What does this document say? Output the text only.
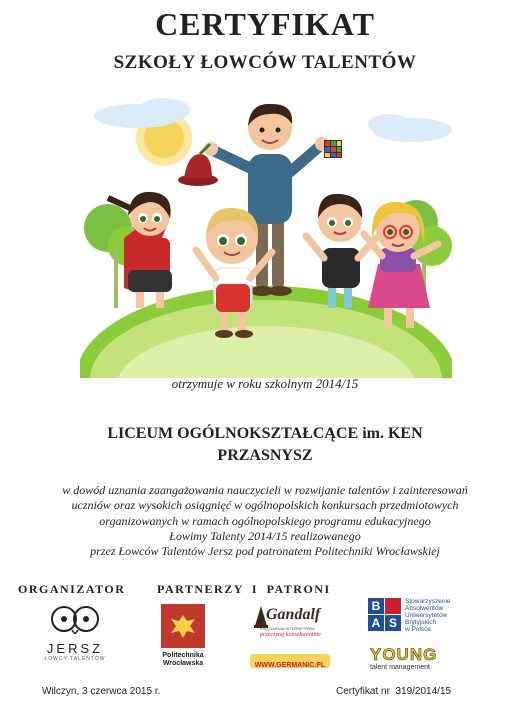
CERTYFIKAT
SZKOŁY ŁOWCÓW TALENTÓW
otrzymuje w roku szkolnym 2014/15
LICEUM OGÓLNOKSZTAŁCĄCE im. KEN
PRZASNYSZ
w dowód uznania zaangażowania nauczycieli w rozwijanie talentów i zainteresowań
uczniów oraz wysokich osiągnięć w ogólnopolskich konkursach przedmiotowych
organizowanych w ramach ogólnopolskiego programu edukacyjnego
Łowimy Talenty 2014/15 realizowanego
przez Łowców Talentów Jersz pod patronatem Politechniki Wrocławskiej
ORGANIZATOR	PARTNERZY I PATRONI
JERSZ
ŁOWCY TALENTÓW	Politechnika
Wrocławska
Gandalf
KSIĘGARNIA INTERNETOWA
przeczytaj konsekwentnie
WWW.GERMANIC.PL
B
A S
Stowarzyszenie
Absolwentów
Uniwersytetów
Brytyjskich
w Polsce
YOUNG
talent management
Wilczyn, 3 czerwca 2015 r.	Certyfikat nr  319/2014/15
